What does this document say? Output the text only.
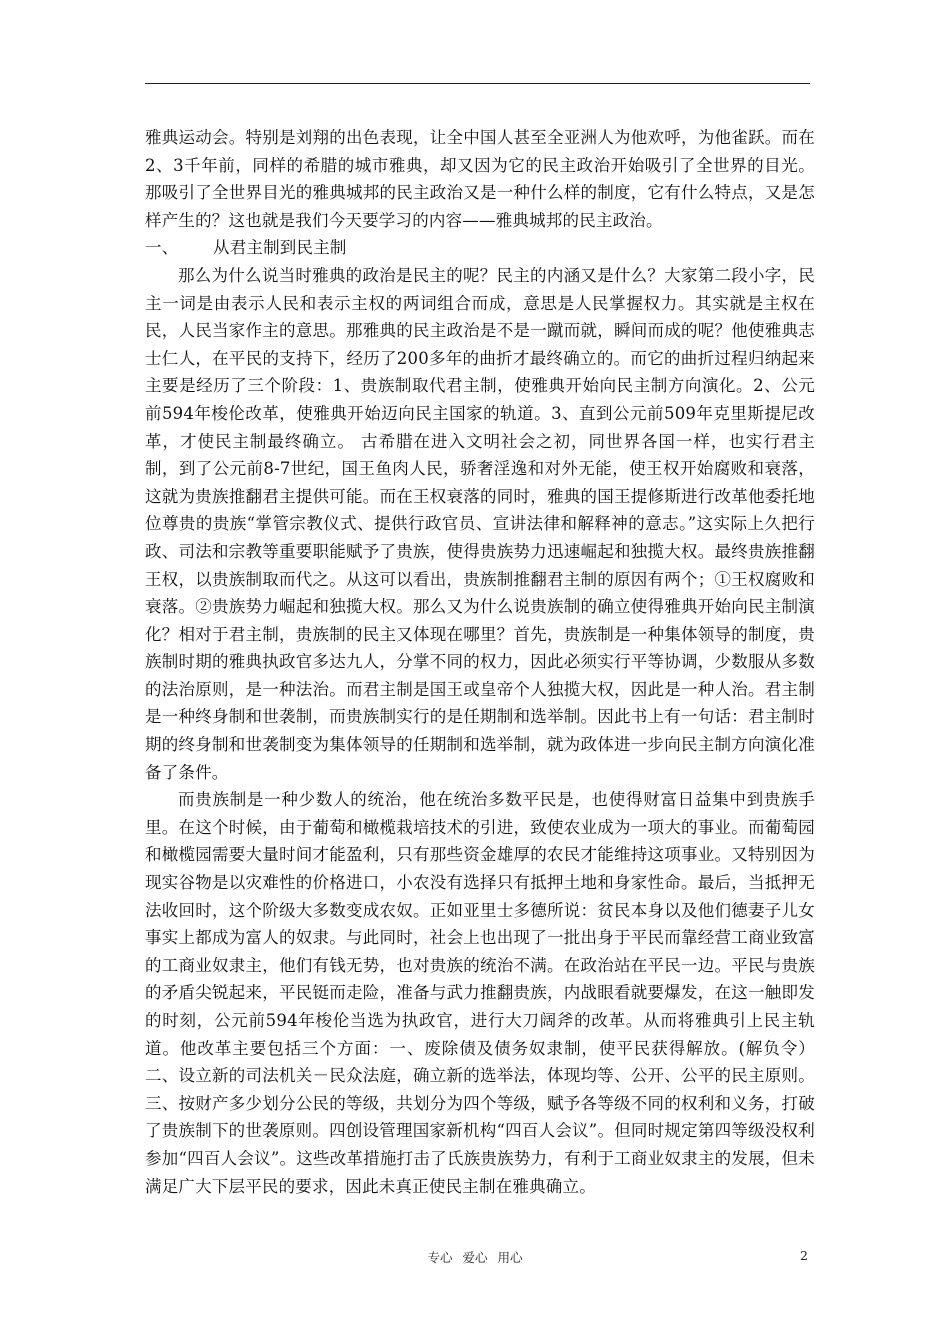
雅典运动会。特别是刘翔的出色表现，让全中国人甚至全亚洲人为他欢呼，为他雀跃。而在2、3千年前，同样的希腊的城市雅典，却又因为它的民主政治开始吸引了全世界的目光。那吸引了全世界目光的雅典城邦的民主政治又是一种什么样的制度，它有什么特点，又是怎样产生的？这也就是我们今天要学习的内容——雅典城邦的民主政治。

一、	从君主制到民主制

那么为什么说当时雅典的政治是民主的呢？民主的内涵又是什么？大家第二段小字，民主一词是由表示人民和表示主权的两词组合而成，意思是人民掌握权力。其实就是主权在民，人民当家作主的意思。那雅典的民主政治是不是一蹴而就，瞬间而成的呢？他使雅典志士仁人，在平民的支持下，经历了200多年的曲折才最终确立的。而它的曲折过程归纳起来主要是经历了三个阶段：1、贵族制取代君主制，使雅典开始向民主制方向演化。2、公元前594年梭伦改革，使雅典开始迈向民主国家的轨道。3、直到公元前509年克里斯提尼改革，才使民主制最终确立。 古希腊在进入文明社会之初，同世界各国一样，也实行君主制，到了公元前8-7世纪，国王鱼肉人民，骄奢淫逸和对外无能，使王权开始腐败和衰落，这就为贵族推翻君主提供可能。而在王权衰落的同时，雅典的国王提修斯进行改革他委托地位尊贵的贵族“掌管宗教仪式、提供行政官员、宣讲法律和解释神的意志。”这实际上久把行政、司法和宗教等重要职能赋予了贵族，使得贵族势力迅速崛起和独揽大权。最终贵族推翻王权，以贵族制取而代之。从这可以看出，贵族制推翻君主制的原因有两个；①王权腐败和衰落。②贵族势力崛起和独揽大权。那么又为什么说贵族制的确立使得雅典开始向民主制演化？相对于君主制，贵族制的民主又体现在哪里？首先，贵族制是一种集体领导的制度，贵族制时期的雅典执政官多达九人，分掌不同的权力，因此必须实行平等协调，少数服从多数的法治原则，是一种法治。而君主制是国王或皇帝个人独揽大权，因此是一种人治。君主制是一种终身制和世袭制，而贵族制实行的是任期制和选举制。因此书上有一句话：君主制时期的终身制和世袭制变为集体领导的任期制和选举制，就为政体进一步向民主制方向演化准备了条件。

而贵族制是一种少数人的统治，他在统治多数平民是，也使得财富日益集中到贵族手里。在这个时候，由于葡萄和橄榄栽培技术的引进，致使农业成为一项大的事业。而葡萄园和橄榄园需要大量时间才能盈利，只有那些资金雄厚的农民才能维持这项事业。又特别因为现实谷物是以灾难性的价格进口，小农没有选择只有抵押土地和身家性命。最后，当抵押无法收回时，这个阶级大多数变成农奴。正如亚里士多德所说：贫民本身以及他们德妻子儿女事实上都成为富人的奴隶。与此同时，社会上也出现了一批出身于平民而靠经营工商业致富的工商业奴隶主，他们有钱无势，也对贵族的统治不满。在政治站在平民一边。平民与贵族的矛盾尖锐起来，平民铤而走险，准备与武力推翻贵族，内战眼看就要爆发，在这一触即发的时刻，公元前594年梭伦当选为执政官，进行大刀阔斧的改革。从而将雅典引上民主轨道。他改革主要包括三个方面：一、废除债及债务奴隶制，使平民获得解放。(解负令）二、设立新的司法机关－民众法庭，确立新的选举法，体现均等、公开、公平的民主原则。三、按财产多少划分公民的等级，共划分为四个等级，赋予各等级不同的权利和义务，打破了贵族制下的世袭原则。四创设管理国家新机构“四百人会议”。但同时规定第四等级没权利参加“四百人会议”。这些改革措施打击了氏族贵族势力，有利于工商业奴隶主的发展，但未满足广大下层平民的要求，因此未真正使民主制在雅典确立。

专心 爱心 用心	2
